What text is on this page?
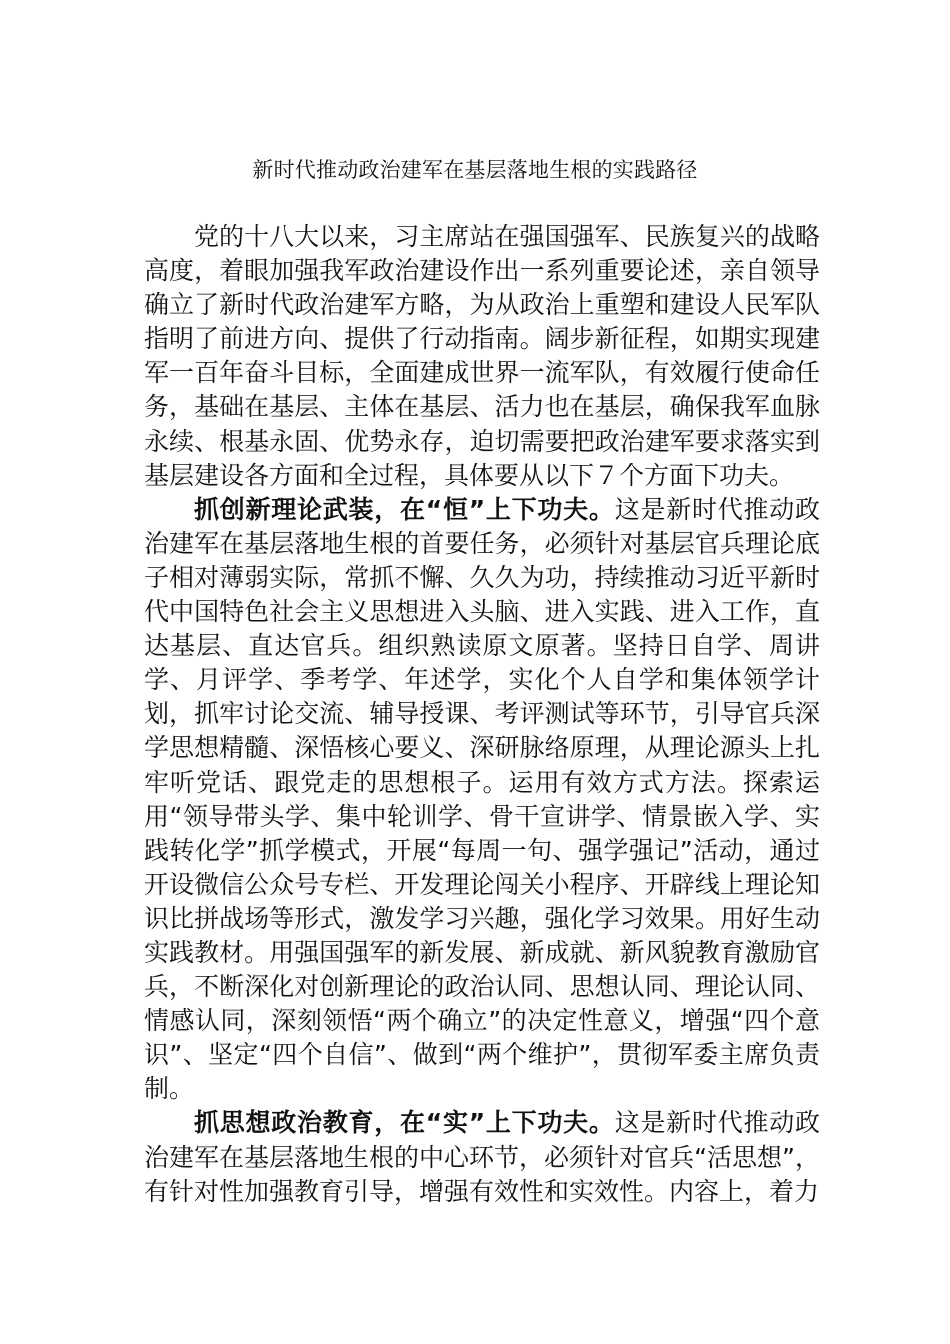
新时代推动政治建军在基层落地生根的实践路径

党的十八大以来，习主席站在强国强军、民族复兴的战略高度，着眼加强我军政治建设作出一系列重要论述，亲自领导确立了新时代政治建军方略，为从政治上重塑和建设人民军队指明了前进方向、提供了行动指南。阔步新征程，如期实现建军一百年奋斗目标，全面建成世界一流军队，有效履行使命任务，基础在基层、主体在基层、活力也在基层，确保我军血脉永续、根基永固、优势永存，迫切需要把政治建军要求落实到基层建设各方面和全过程，具体要从以下７个方面下功夫。

抓创新理论武装，在“恒”上下功夫。这是新时代推动政治建军在基层落地生根的首要任务，必须针对基层官兵理论底子相对薄弱实际，常抓不懈、久久为功，持续推动习近平新时代中国特色社会主义思想进入头脑、进入实践、进入工作，直达基层、直达官兵。组织熟读原文原著。坚持日自学、周讲学、月评学、季考学、年述学，实化个人自学和集体领学计划，抓牢讨论交流、辅导授课、考评测试等环节，引导官兵深学思想精髓、深悟核心要义、深研脉络原理，从理论源头上扎牢听党话、跟党走的思想根子。运用有效方式方法。探索运用“领导带头学、集中轮训学、骨干宣讲学、情景嵌入学、实践转化学”抓学模式，开展“每周一句、强学强记”活动，通过开设微信公众号专栏、开发理论闯关小程序、开辟线上理论知识比拼战场等形式，激发学习兴趣，强化学习效果。用好生动实践教材。用强国强军的新发展、新成就、新风貌教育激励官兵，不断深化对创新理论的政治认同、思想认同、理论认同、情感认同，深刻领悟“两个确立”的决定性意义，增强“四个意识”、坚定“四个自信”、做到“两个维护”，贯彻军委主席负责制。

抓思想政治教育，在“实”上下功夫。这是新时代推动政治建军在基层落地生根的中心环节，必须针对官兵“活思想”，有针对性加强教育引导，增强有效性和实效性。内容上，着力
